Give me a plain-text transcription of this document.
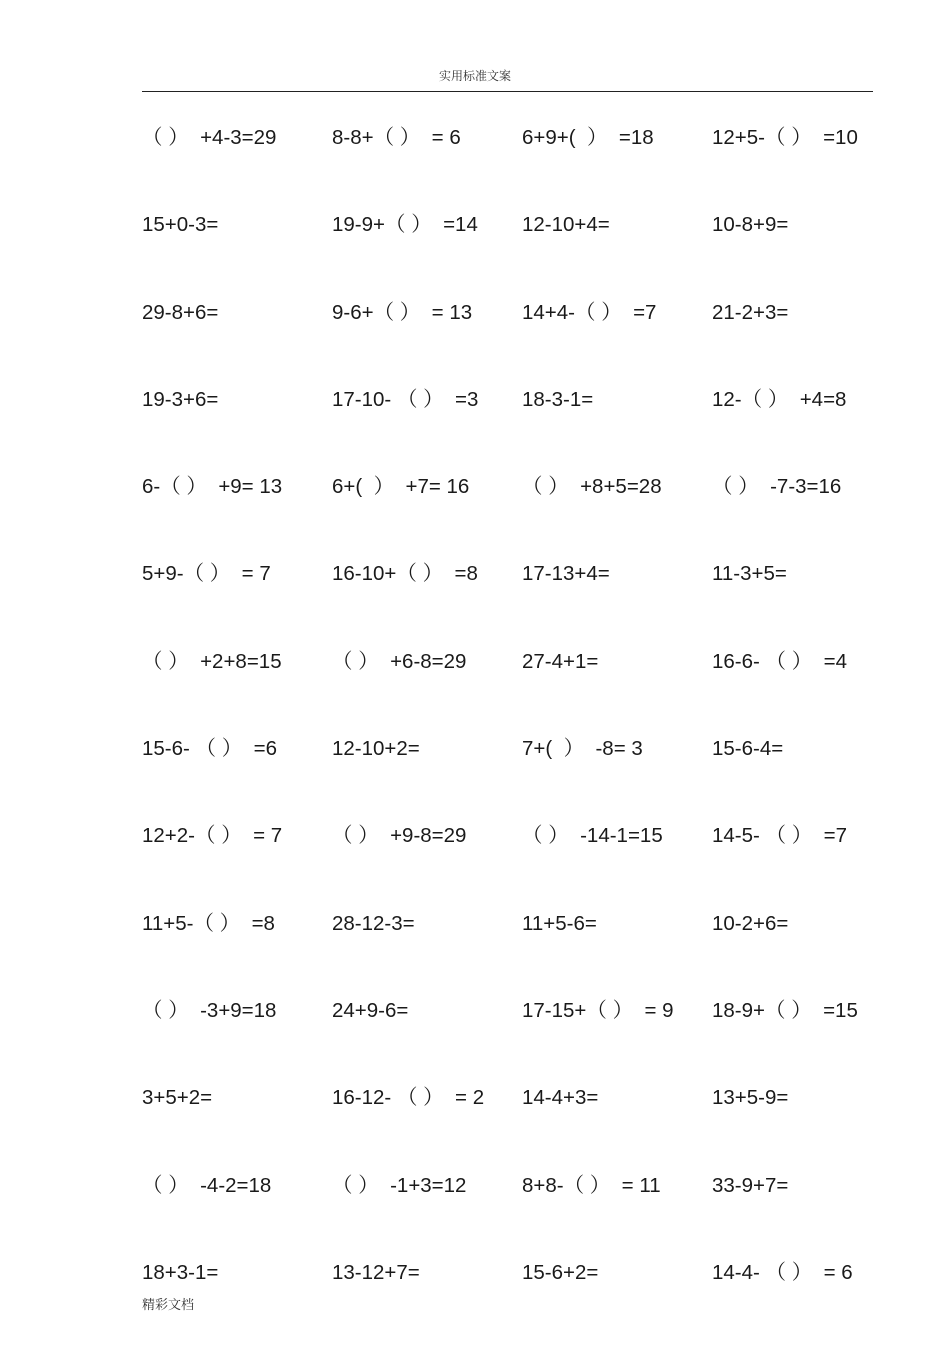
实用标准文案
（ ）  +4-3=29	8-8+（ ）  = 6	6+9+(  ）  =18	12+5-（ ）  =10
15+0-3=	19-9+（ ）  =14	12-10+4=	10-8+9=
29-8+6=	9-6+（ ）  = 13	14+4-（ ）  =7	21-2+3=
19-3+6=	17-10- （ ）  =3	18-3-1=	12-（ ）  +4=8
6-（ ）  +9= 13	6+(  ）  +7= 16	（ ）  +8+5=28	（ ）  -7-3=16
5+9-（ ）  = 7	16-10+（ ）  =8	17-13+4=	11-3+5=
（ ）  +2+8=15	（ ）  +6-8=29	27-4+1=	16-6- （ ）  =4
15-6- （ ）  =6	12-10+2=	7+(  ）  -8= 3	15-6-4=
12+2-（ ）  = 7	（ ）  +9-8=29	（ ）  -14-1=15	14-5- （ ）  =7
11+5-（ ）  =8	28-12-3=	11+5-6=	10-2+6=
（ ）  -3+9=18	24+9-6=	17-15+（ ）  = 9	18-9+（ ）  =15
3+5+2=	16-12- （ ）  = 2	14-4+3=	13+5-9=
（ ）  -4-2=18	（ ）  -1+3=12	8+8-（ ）  = 11	33-9+7=
18+3-1=	13-12+7=	15-6+2=	14-4- （ ）  = 6
精彩文档
